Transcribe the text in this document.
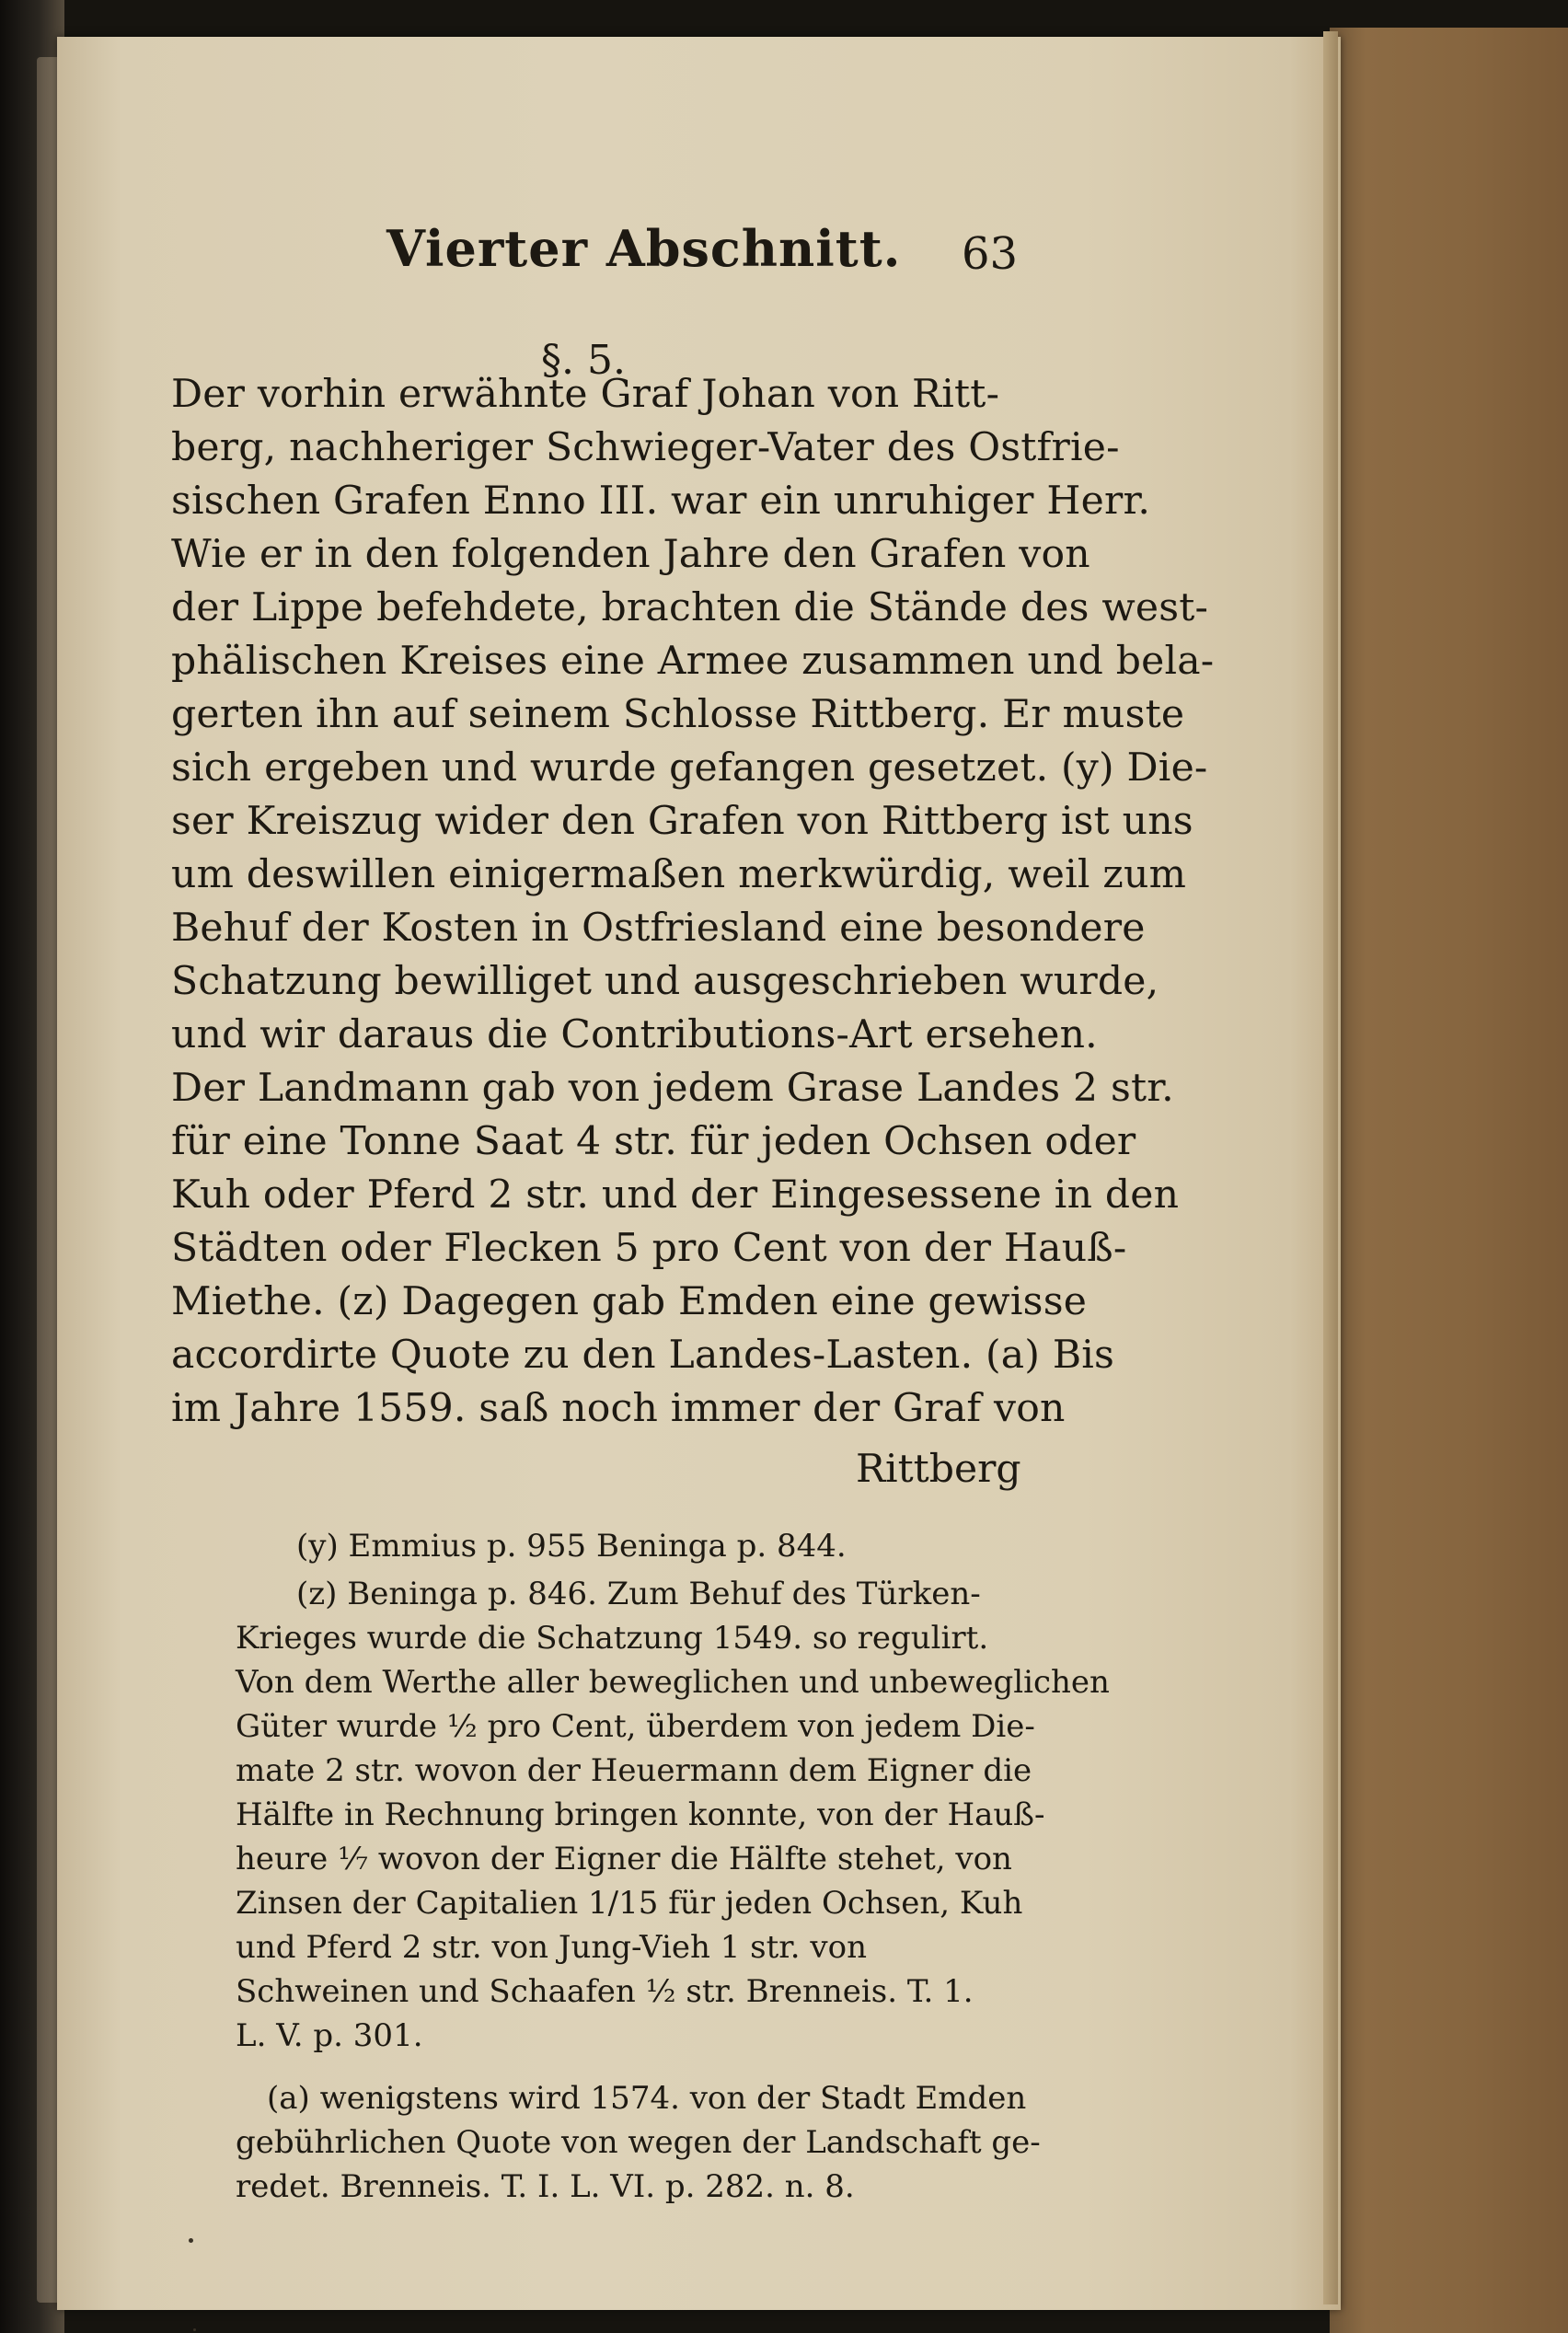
Vierter Abschnitt. 63
§. 5.
Der vorhin erwähnte Graf Johan von Ritt-
berg, nachheriger Schwieger-Vater des Ostfrie-
sischen Grafen Enno III. war ein unruhiger Herr.
Wie er in den folgenden Jahre den Grafen von
der Lippe befehdete, brachten die Stände des west-
phälischen Kreises eine Armee zusammen und bela-
gerten ihn auf seinem Schlosse Rittberg. Er muste
sich ergeben und wurde gefangen gesetzet. (y) Die-
ser Kreiszug wider den Grafen von Rittberg ist uns
um deswillen einigermaßen merkwürdig, weil zum
Behuf der Kosten in Ostfriesland eine besondere
Schatzung bewilliget und ausgeschrieben wurde,
und wir daraus die Contributions-Art ersehen.
Der Landmann gab von jedem Grase Landes 2 str.
für eine Tonne Saat 4 str. für jeden Ochsen oder
Kuh oder Pferd 2 str. und der Eingesessene in den
Städten oder Flecken 5 pro Cent von der Hauß-
Miethe. (z) Dagegen gab Emden eine gewisse
accordirte Quote zu den Landes-Lasten. (a) Bis
im Jahre 1559. saß noch immer der Graf von
Rittberg
(y) Emmius p. 955 Beninga p. 844.
(z) Beninga p. 846. Zum Behuf des Türken-
Krieges wurde die Schatzung 1549. so regulirt.
Von dem Werthe aller beweglichen und unbeweglichen
Güter wurde ½ pro Cent, überdem von jedem Die-
mate 2 str. wovon der Heuermann dem Eigner die
Hälfte in Rechnung bringen konnte, von der Hauß-
heure ⅐ wovon der Eigner die Hälfte stehet, von
Zinsen der Capitalien 1/15 für jeden Ochsen, Kuh
und Pferd 2 str. von Jung-Vieh 1 str. von
Schweinen und Schaafen ½ str. Brenneis. T. 1.
L. V. p. 301.
(a) wenigstens wird 1574. von der Stadt Emden
gebührlichen Quote von wegen der Landschaft ge-
redet. Brenneis. T. I. L. VI. p. 282. n. 8.
